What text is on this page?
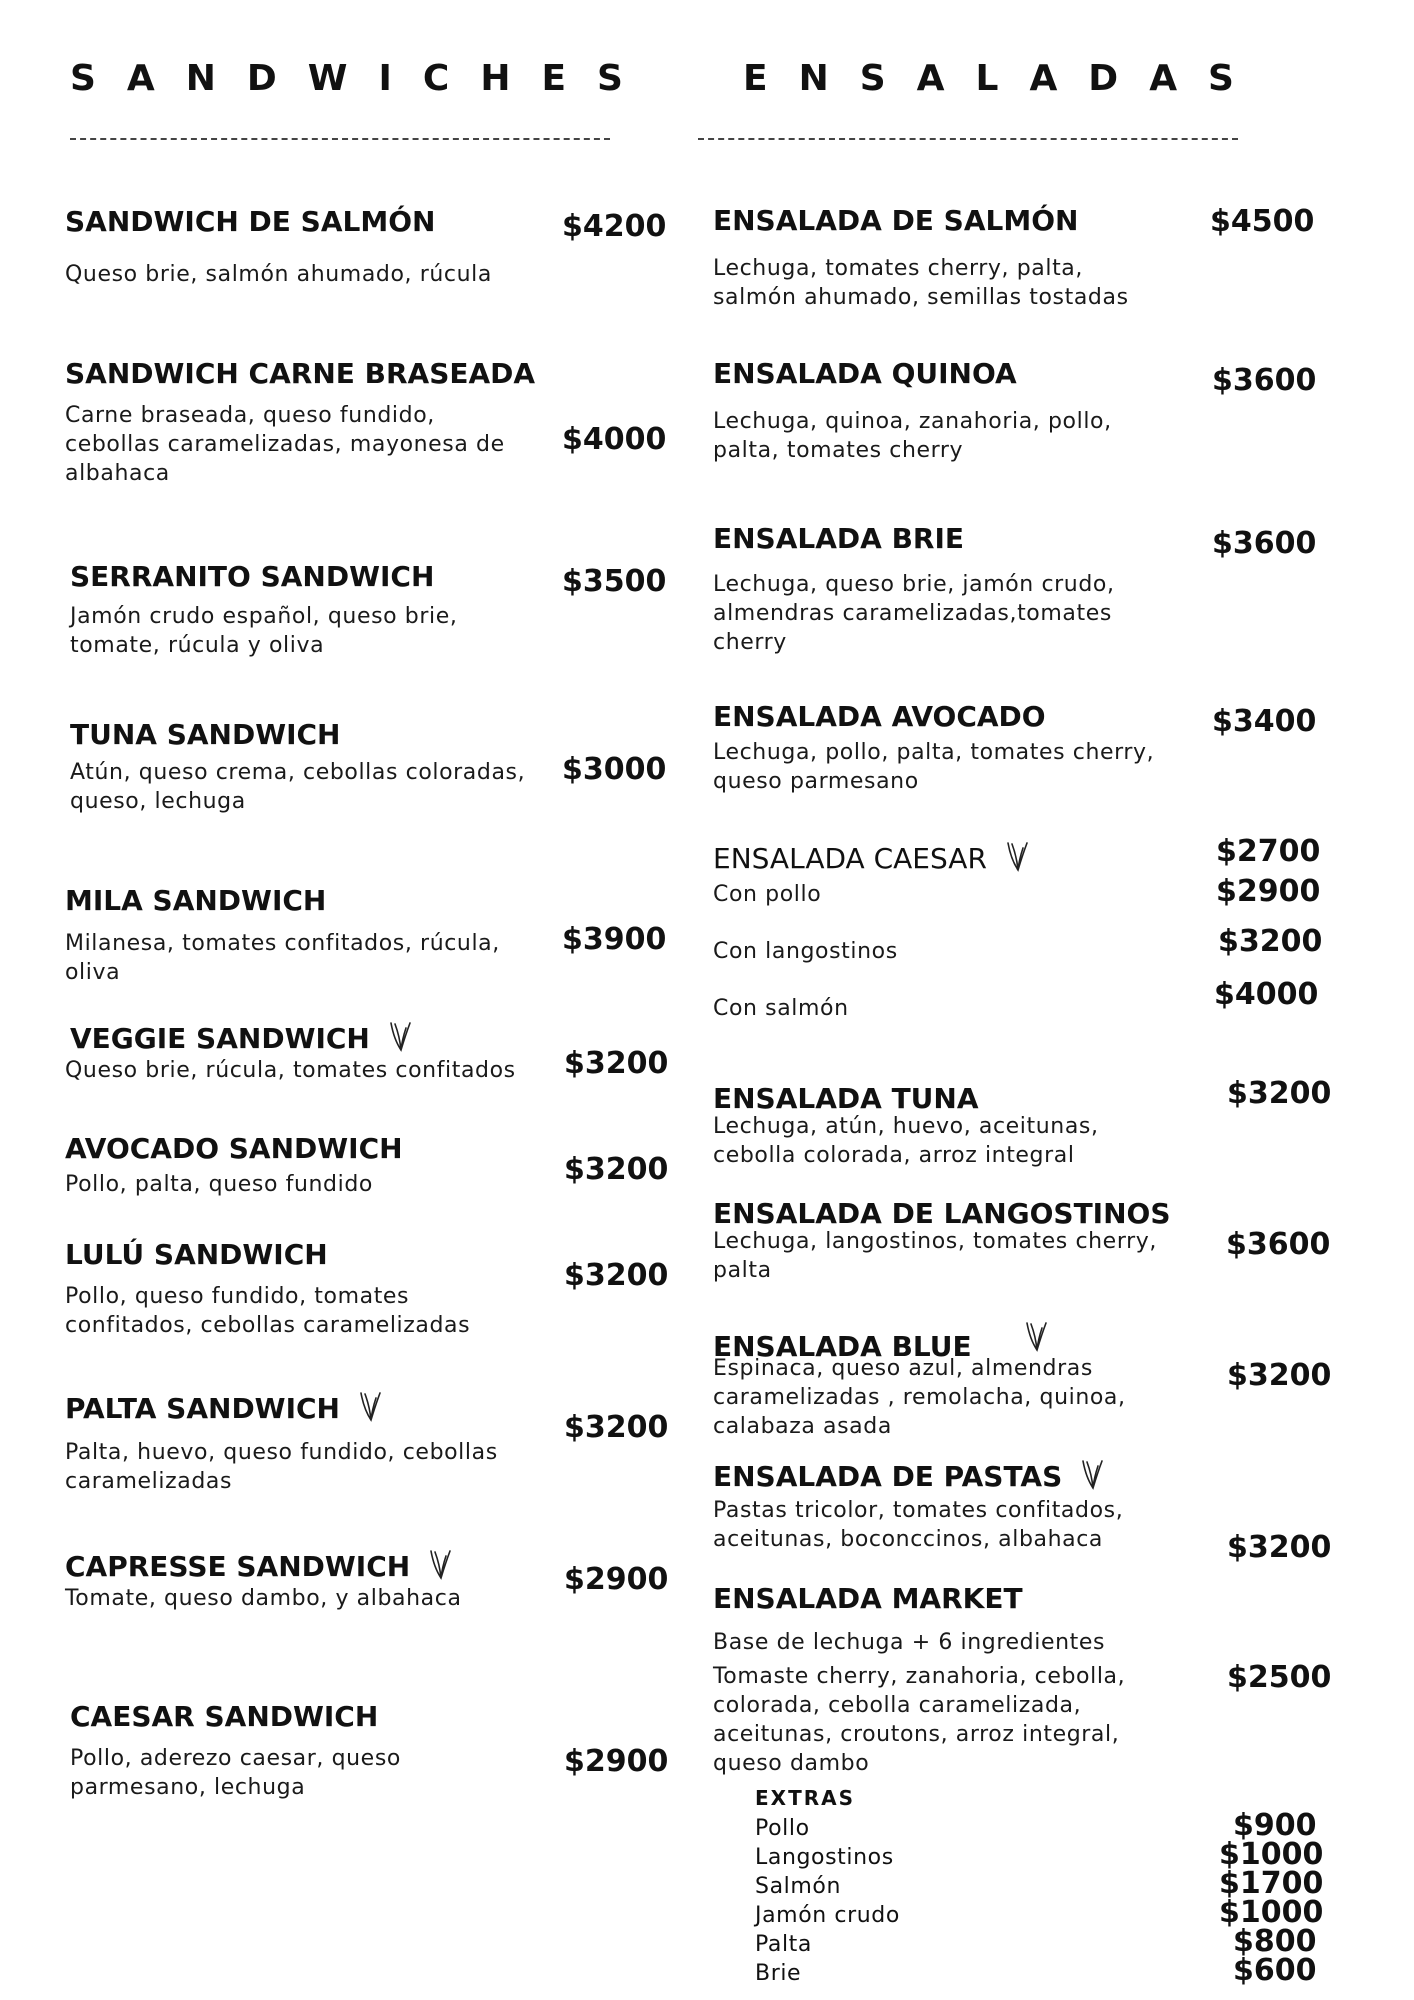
SANDWICHES ENSALADAS
SANDWICH DE SALMÓN	$4200
Queso brie, salmón ahumado, rúcula
SANDWICH CARNE BRASEADA
Carne braseada, queso fundido,
cebollas caramelizadas, mayonesa de
albahaca
$4000
SERRANITO SANDWICH	$3500
Jamón crudo español, queso brie,
tomate, rúcula y oliva
TUNA SANDWICH
Atún, queso crema, cebollas coloradas,
queso, lechuga
$3000
MILA SANDWICH
Milanesa, tomates confitados, rúcula,
oliva
$3900
VEGGIE SANDWICH
Queso brie, rúcula, tomates confitados $3200
AVOCADO SANDWICH
Pollo, palta, queso fundido	$3200
LULÚ SANDWICH
Pollo, queso fundido, tomates
confitados, cebollas caramelizadas
$3200
PALTA SANDWICH
Palta, huevo, queso fundido, cebollas
caramelizadas
$3200
CAPRESSE SANDWICH
Tomate, queso dambo, y albahaca
$2900
CAESAR SANDWICH
Pollo, aderezo caesar, queso
parmesano, lechuga
$2900
ENSALADA DE SALMÓN	$4500
Lechuga, tomates cherry, palta,
salmón ahumado, semillas tostadas
ENSALADA QUINOA	$3600
Lechuga, quinoa, zanahoria, pollo,
palta, tomates cherry
ENSALADA BRIE	$3600
Lechuga, queso brie, jamón crudo,
almendras caramelizadas,tomates
cherry
ENSALADA AVOCADO	$3400
Lechuga, pollo, palta, tomates cherry,
queso parmesano
ENSALADA CAESAR	$2700
Con pollo	$2900
Con langostinos	$3200
Con salmón	$4000
ENSALADA TUNA	$3200
Lechuga, atún, huevo, aceitunas,
cebolla colorada, arroz integral
ENSALADA DE LANGOSTINOS
Lechuga, langostinos, tomates cherry,
palta
$3600
ENSALADA BLUE
Espinaca, queso azul, almendras
caramelizadas , remolacha, quinoa,
calabaza asada
$3200
ENSALADA DE PASTAS
Pastas tricolor, tomates confitados,
aceitunas, boconccinos, albahaca	$3200
ENSALADA MARKET
Base de lechuga + 6 ingredientes
Tomaste cherry, zanahoria, cebolla,
colorada, cebolla caramelizada,
aceitunas, croutons, arroz integral,
queso dambo
$2500
EXTRAS
Pollo	$900
Langostinos	$1000
Salmón	$1700
Jamón crudo	$1000
Palta	$800
Brie	$600
